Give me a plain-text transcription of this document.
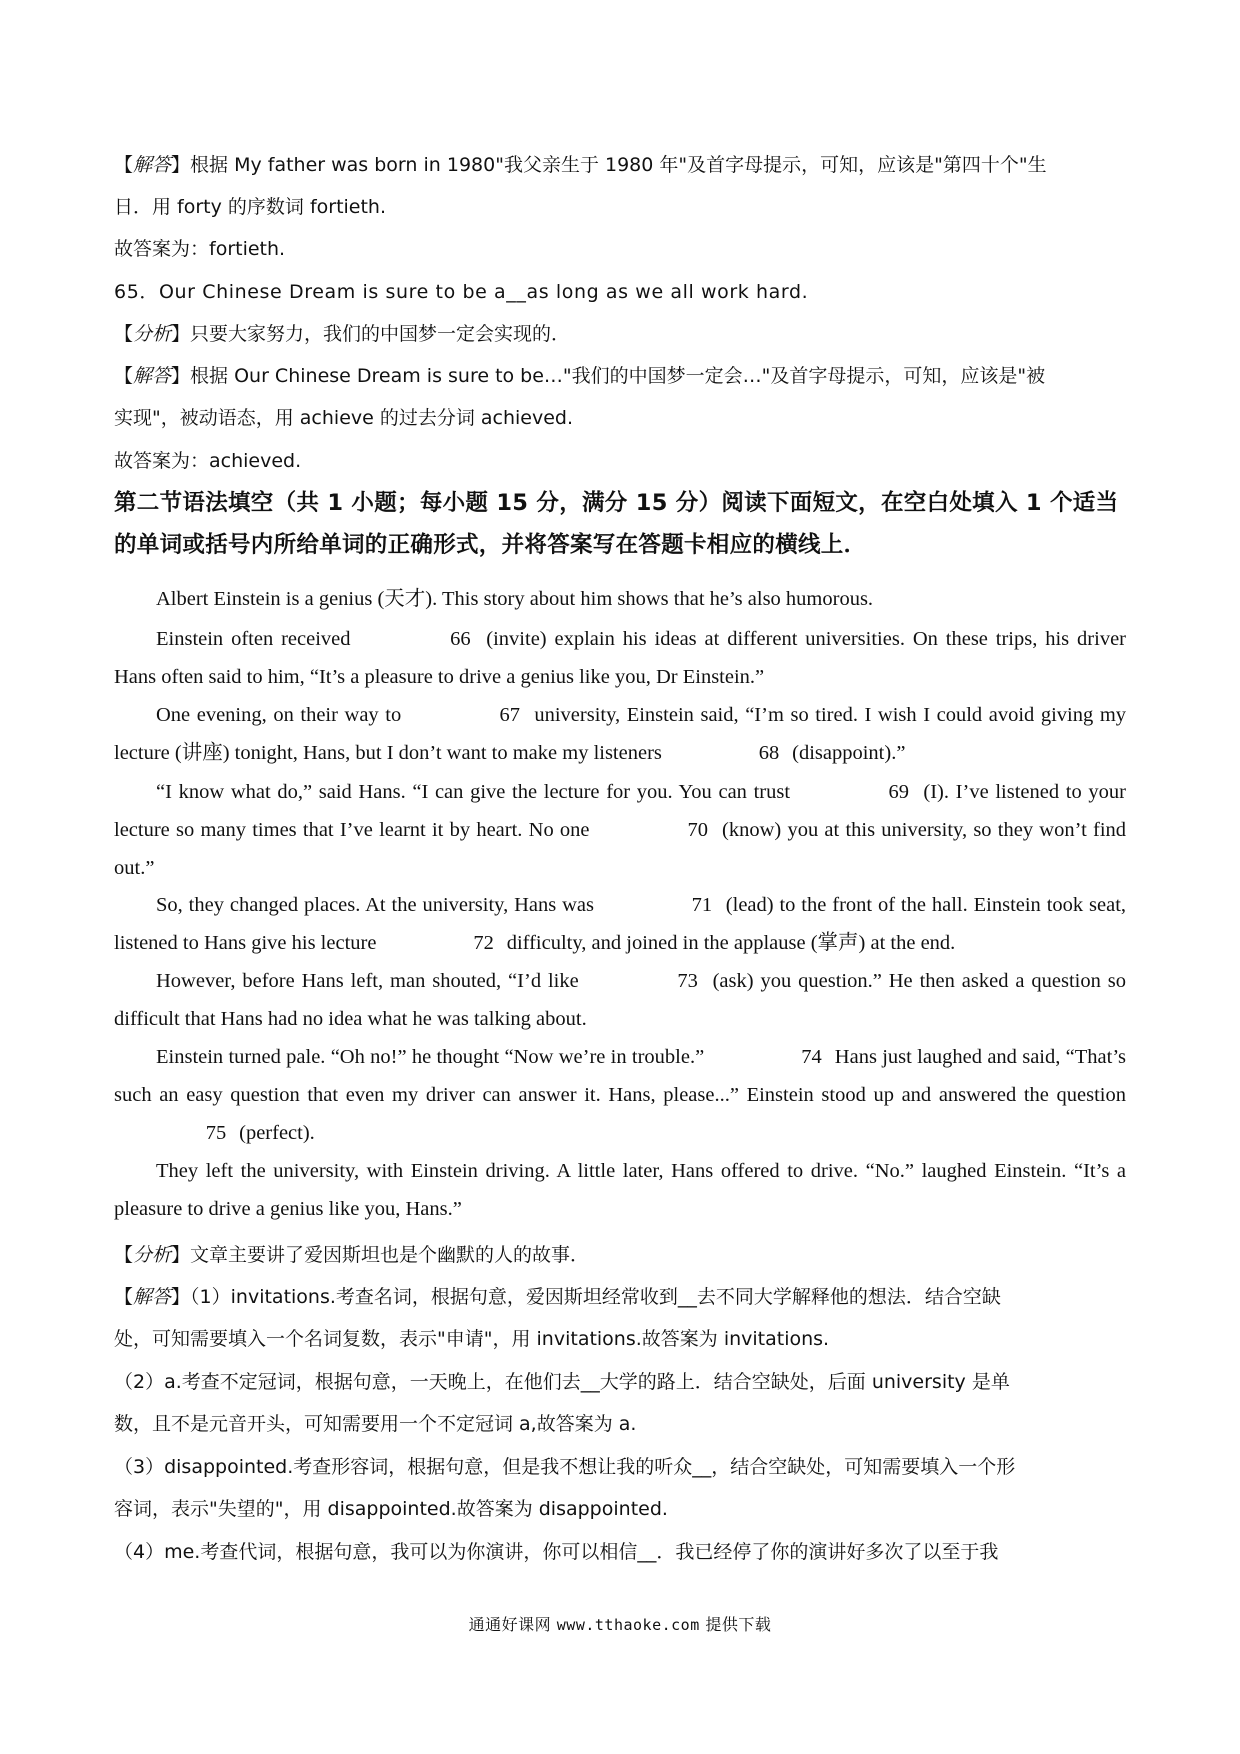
【解答】根据 My father was born in 1980"我父亲生于 1980 年"及首字母提示，可知，应该是"第四十个"生
日．用 forty 的序数词 fortieth.
故答案为：fortieth.
65．Our Chinese Dream is sure to be a__as long as we all work hard.
【分析】只要大家努力，我们的中国梦一定会实现的．
【解答】根据 Our Chinese Dream is sure to be…"我们的中国梦一定会…"及首字母提示，可知，应该是"被
实现"，被动语态，用 achieve 的过去分词 achieved.
故答案为：achieved.
第二节语法填空（共 1 小题；每小题 15 分，满分 15 分）阅读下面短文，在空白处填入 1 个适当的单词或括号内所给单词的正确形式，并将答案写在答题卡相应的横线上．
Albert Einstein is a genius (天才). This story about him shows that he’s also humorous.
Einstein often received	66 (invite) explain his ideas at different universities. On these trips, his driver Hans often said to him, “It’s a pleasure to drive a genius like you, Dr Einstein.”
One evening, on their way to	67 university, Einstein said, “I’m so tired. I wish I could avoid giving my lecture (讲座) tonight, Hans, but I don’t want to make my listeners	68 (disappoint).”
“I know what do,” said Hans. “I can give the lecture for you. You can trust	69 (I). I’ve listened to your lecture so many times that I’ve learnt it by heart. No one	70 (know) you at this university, so they won’t find out.”
So, they changed places. At the university, Hans was	71 (lead) to the front of the hall. Einstein took seat, listened to Hans give his lecture	72 difficulty, and joined in the applause (掌声) at the end.
However, before Hans left, man shouted, “I’d like	73 (ask) you question.” He then asked a question so difficult that Hans had no idea what he was talking about.
Einstein turned pale. “Oh no!” he thought “Now we’re in trouble.”	74 Hans just laughed and said, “That’s such an easy question that even my driver can answer it. Hans, please...” Einstein stood up and answered the question 75 (perfect).
They left the university, with Einstein driving. A little later, Hans offered to drive. “No.” laughed Einstein. “It’s a pleasure to drive a genius like you, Hans.”
【分析】文章主要讲了爱因斯坦也是个幽默的人的故事．
【解答】（1）invitations.考查名词，根据句意，爱因斯坦经常收到__去不同大学解释他的想法．结合空缺
处，可知需要填入一个名词复数，表示"申请"，用 invitations.故答案为 invitations.
（2）a.考查不定冠词，根据句意，一天晚上，在他们去__大学的路上．结合空缺处，后面 university 是单
数，且不是元音开头，可知需要用一个不定冠词 a,故答案为 a.
（3）disappointed.考查形容词，根据句意，但是我不想让我的听众__，结合空缺处，可知需要填入一个形
容词，表示"失望的"，用 disappointed.故答案为 disappointed.
（4）me.考查代词，根据句意，我可以为你演讲，你可以相信__．我已经停了你的演讲好多次了以至于我
通通好课网 www.tthaoke.com 提供下载
